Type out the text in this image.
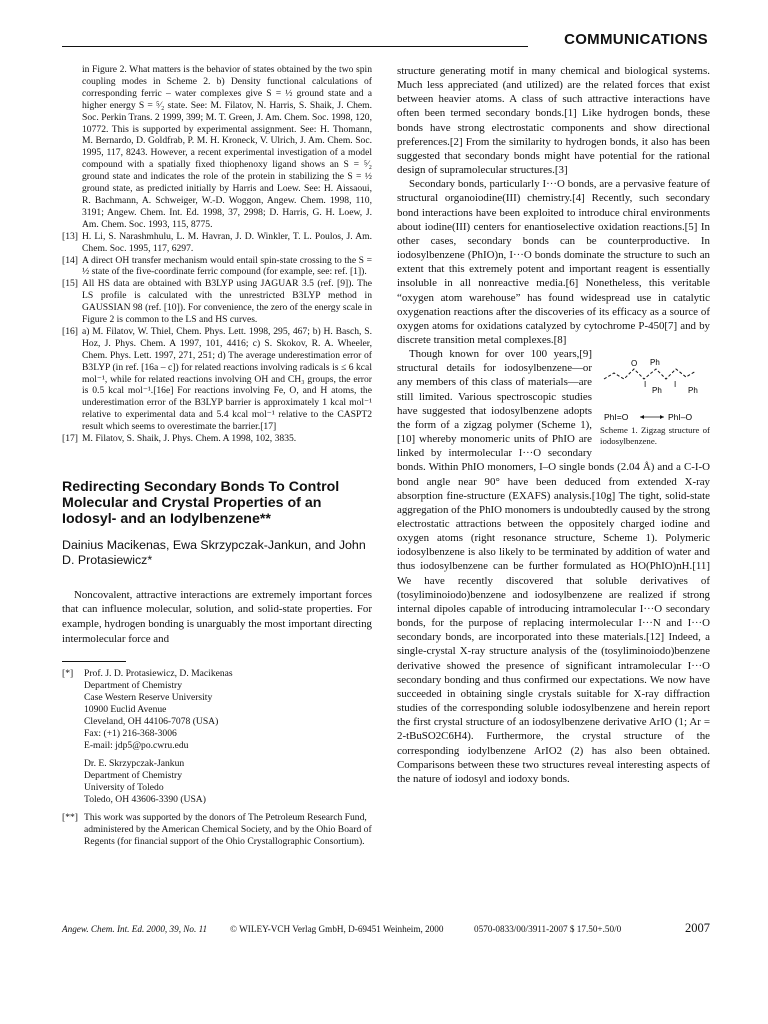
COMMUNICATIONS
in Figure 2. What matters is the behavior of states obtained by the two spin coupling modes in Scheme 2. b) Density functional calculations of corresponding ferric – water complexes give S = ½ ground state and a higher energy S = ⁵⁄₂ state. See: M. Filatov, N. Harris, S. Shaik, J. Chem. Soc. Perkin Trans. 2 1999, 399; M. T. Green, J. Am. Chem. Soc. 1998, 120, 10772. This is supported by experimental assignment. See: H. Thomann, M. Bernardo, D. Goldfrab, P. M. H. Kroneck, V. Ulrich, J. Am. Chem. Soc. 1995, 117, 8243. However, a recent experimental investigation of a model compound with a spatially fixed thiophenoxy ligand shows an S = ⁵⁄₂ ground state and indicates the role of the protein in stabilizing the S = ½ ground state, as predicted initially by Harris and Loew. See: H. Aissaoui, R. Bachmann, A. Schweiger, W.-D. Woggon, Angew. Chem. 1998, 110, 3191; Angew. Chem. Int. Ed. 1998, 37, 2998; D. Harris, G. H. Loew, J. Am. Chem. Soc. 1993, 115, 8775.
[13] H. Li, S. Narashmhulu, L. M. Havran, J. D. Winkler, T. L. Poulos, J. Am. Chem. Soc. 1995, 117, 6297.
[14] A direct OH transfer mechanism would entail spin-state crossing to the S = ½ state of the five-coordinate ferric compound (for example, see: ref. [1]).
[15] All HS data are obtained with B3LYP using JAGUAR 3.5 (ref. [9]). The LS profile is calculated with the unrestricted B3LYP method in GAUSSIAN 98 (ref. [10]). For convenience, the zero of the energy scale in Figure 2 is common to the LS and HS curves.
[16] a) M. Filatov, W. Thiel, Chem. Phys. Lett. 1998, 295, 467; b) H. Basch, S. Hoz, J. Phys. Chem. A 1997, 101, 4416; c) S. Skokov, R. A. Wheeler, Chem. Phys. Lett. 1997, 271, 251; d) The average underestimation error of B3LYP (in ref. [16a – c]) for related reactions involving radicals is ≤ 6 kcal mol⁻¹, while for related reactions involving OH and CH₃ groups, the error is 0.5 kcal mol⁻¹.[16e] For reactions involving Fe, O, and H atoms, the underestimation error of the B3LYP barrier is approximately 1 kcal mol⁻¹ relative to experimental data and 5.4 kcal mol⁻¹ relative to the CASPT2 result which seems to overestimate the barrier.[17]
[17] M. Filatov, S. Shaik, J. Phys. Chem. A 1998, 102, 3835.
Redirecting Secondary Bonds To Control Molecular and Crystal Properties of an Iodosyl- and an Iodylbenzene**
Dainius Macikenas, Ewa Skrzypczak-Jankun, and John D. Protasiewicz*
Noncovalent, attractive interactions are extremely important forces that can influence molecular, solution, and solid-state properties. For example, hydrogen bonding is unarguably the most important directing intermolecular force and
[*]	Prof. J. D. Protasiewicz, D. Macikenas

Department of Chemistry

Case Western Reserve University

10900 Euclid Avenue

Cleveland, OH 44106-7078 (USA)

Fax: (+1) 216-368-3006

E-mail: jdp5@po.cwru.edu

Dr. E. Skrzypczak-Jankun

Department of Chemistry

University of Toledo

Toledo, OH 43606-3390 (USA)

[**] This work was supported by the donors of The Petroleum Research Fund, administered by the American Chemical Society, and by the Ohio Board of Regents (for financial support of the Ohio Crystallographic Consortium).

structure generating motif in many chemical and biological systems. Much less appreciated (and utilized) are the related forces that exist between heavier atoms. A class of such attractive interactions have often been termed secondary bonds.[1] Like hydrogen bonds, these bonds have strong electrostatic components and show directional preferences.[2] From the similarity to hydrogen bonds, it also has been suggested that secondary bonds might have potential for the rational design of supramolecular structures.[3]

Secondary bonds, particularly I···O bonds, are a pervasive feature of structural organoiodine(III) chemistry.[4] Recently, such secondary bond interactions have been exploited to introduce chiral environments about iodine(III) centers for enantioselective oxidation reactions.[5] In other cases, secondary bonds can be counterproductive. In iodosylbenzene (PhIO)n, I···O bonds dominate the structure to such an extent that this extremely potent and important reagent is essentially insoluble in all nonreactive media.[6] Nonetheless, this veritable “oxygen atom warehouse” has found widespread use in catalytic oxygenation reactions after the discoveries of its efficacy as a source of oxygen atoms for oxidations catalyzed by cytochrome P-450[7] and by discrete transition metal complexes.[8]

O
I
Ph
Ph
I
Ph
PhI=O	PhI–O
Scheme 1. Zigzag structure of iodosylbenzene.
Though known for over 100 years,[9] structural details for iodosylbenzene—or any members of this class of materials—are still limited. Various spectroscopic studies have suggested that iodosylbenzene adopts the form of a zigzag polymer (Scheme 1),[10] whereby monomeric units of PhIO are linked by intermolecular I···O secondary bonds. Within PhIO monomers, I–O single bonds (2.04 Å) and a C-I-O bond angle near 90° have been deduced from extended X-ray absorption fine-structure (EXAFS) analysis.[10g] The tight, solid-state aggregation of the PhIO monomers is undoubtedly caused by the strong electrostatic attractions between the oppositely charged iodine and oxygen atoms (right resonance structure, Scheme 1). Polymeric iodosylbenzene is also likely to be terminated by addition of water and thus iodosylbenzene can be further formulated as HO(PhIO)nH.[11] We have recently discovered that soluble derivatives of (tosyliminoiodo)benzene and iodosylbenzene are realized if strong internal dipoles capable of introducing intramolecular I···O secondary bonds, for the purpose of replacing intermolecular I···N and I···O secondary bonds, are incorporated into these materials.[12] Indeed, a single-crystal X-ray structure analysis of the (tosyliminoiodo)benzene derivative showed the presence of significant intramolecular I···O secondary bonding and thus confirmed our expectations. We now have succeeded in obtaining single crystals suitable for X-ray diffraction studies of the corresponding soluble iodosylbenzene and herein report the first crystal structure of an iodosylbenzene derivative ArIO (1; Ar = 2-tBuSO2C6H4). Furthermore, the crystal structure of the corresponding iodylbenzene ArIO2 (2) has also been obtained. Comparisons between these two structures reveal interesting aspects of the nature of iodosyl and iodoxy bonds.

Angew. Chem. Int. Ed. 2000, 39, No. 11 © WILEY-VCH Verlag GmbH, D-69451 Weinheim, 2000	0570-0833/00/3911-2007 $ 17.50+.50/0	2007
